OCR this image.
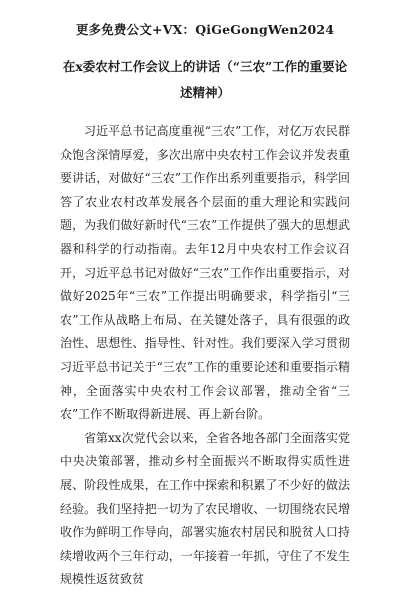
更多免费公文+VX：QiGeGongWen2024
在x委农村工作会议上的讲话（“三农”工作的重要论述精神）

习近平总书记高度重视“三农”工作，对亿万农民群众饱含深情厚爱，多次出席中央农村工作会议并发表重要讲话，对做好“三农”工作作出系列重要指示，科学回答了农业农村改革发展各个层面的重大理论和实践问题，为我们做好新时代“三农”工作提供了强大的思想武器和科学的行动指南。去年12月中央农村工作会议召开，习近平总书记对做好“三农”工作作出重要指示，对做好2025年“三农”工作提出明确要求，科学指引“三农”工作从战略上布局、在关键处落子，具有很强的政治性、思想性、指导性、针对性。我们要深入学习贯彻习近平总书记关于“三农”工作的重要论述和重要指示精神，全面落实中央农村工作会议部署，推动全省“三农”工作不断取得新进展、再上新台阶。

省第xx次党代会以来，全省各地各部门全面落实党中央决策部署，推动乡村全面振兴不断取得实质性进展、阶段性成果，在工作中探索和积累了不少好的做法经验。我们坚持把一切为了农民增收、一切围绕农民增收作为鲜明工作导向，部署实施农村居民和脱贫人口持续增收两个三年行动，一年接着一年抓，守住了不发生规模性返贫致贫
